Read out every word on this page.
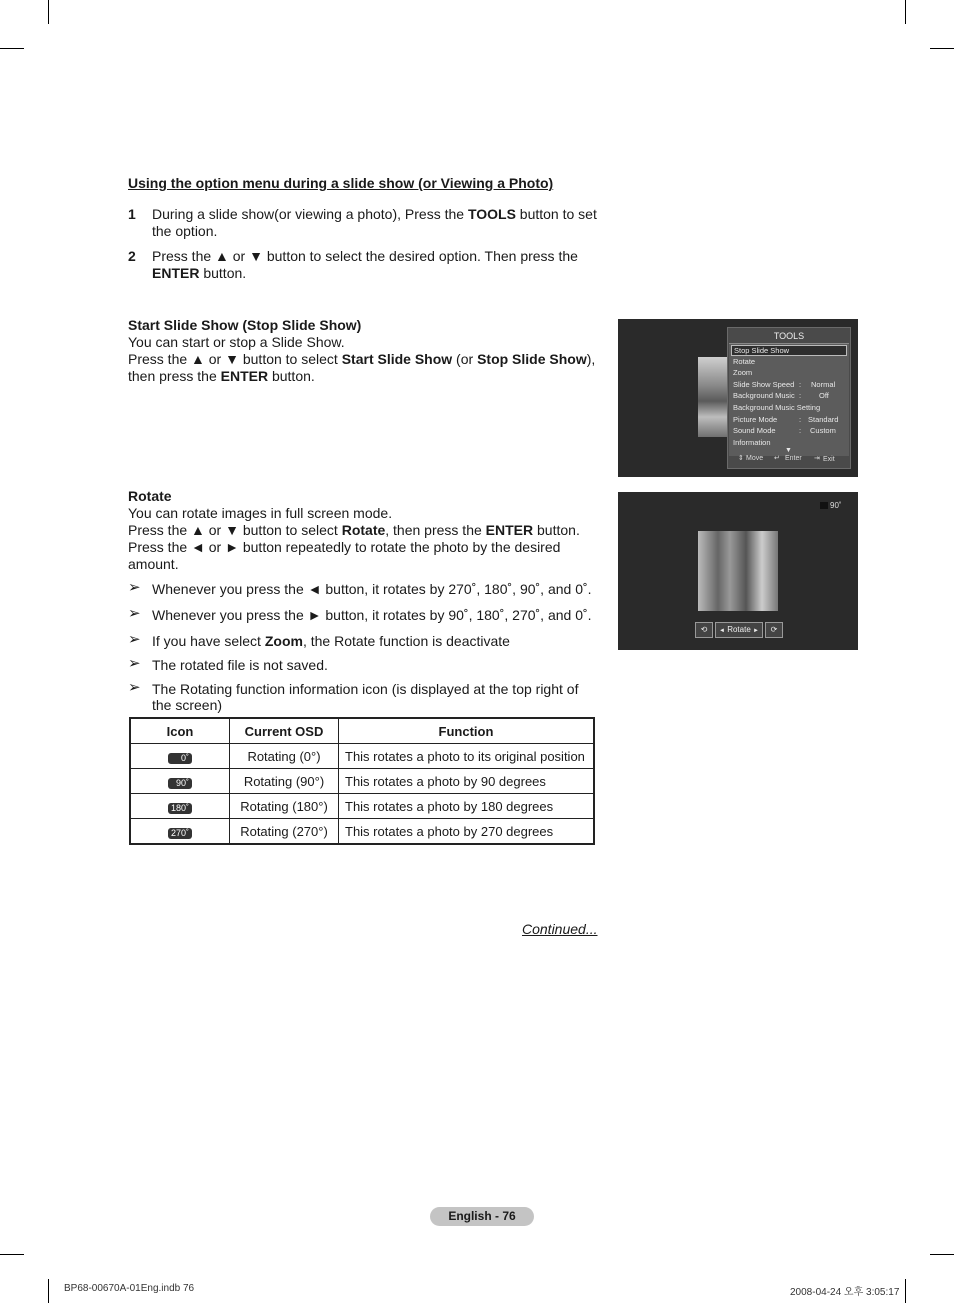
Using the option menu during a slide show (or Viewing a Photo)
1 During a slide show(or viewing a photo), Press the TOOLS button to set the option.
2 Press the ▲ or ▼ button to select the desired option. Then press the ENTER button.
Start Slide Show (Stop Slide Show)
You can start or stop a Slide Show.
Press the ▲ or ▼ button to select Start Slide Show (or Stop Slide Show),
then press the ENTER button.
Rotate
You can rotate images in full screen mode.
Press the ▲ or ▼ button to select Rotate, then press the ENTER button.
Press the ◄ or ► button repeatedly to rotate the photo by the desired amount.
➢ Whenever you press the ◄ button, it rotates by 270˚, 180˚, 90˚, and 0˚.
➢ Whenever you press the ► button, it rotates by 90˚, 180˚, 270˚, and 0˚.
➢ If you have select Zoom, the Rotate function is deactivate
➢ The rotated file is not saved.
➢ The Rotating function information icon (is displayed at the top right of the screen)
Icon	Current OSD	Function
0˚	Rotating (0°)	This rotates a photo to its original position
90˚	Rotating (90°)	This rotates a photo by 90 degrees
180˚	Rotating (180°)	This rotates a photo by 180 degrees
270˚	Rotating (270°)	This rotates a photo by 270 degrees
TOOLS
Stop Slide Show
Rotate
Zoom
Slide Show Speed : Normal
Background Music : Off
Background Music Setting
Picture Mode	: Standard
Sound Mode	: Custom
Information
▼
⇕ Move ↵ Enter ⇥ Exit
90˚
⟲	◄ Rotate ►	⟳
Continued...
English - 76
BP68-00670A-01Eng.indb 76	2008-04-24 오후 3:05:17
